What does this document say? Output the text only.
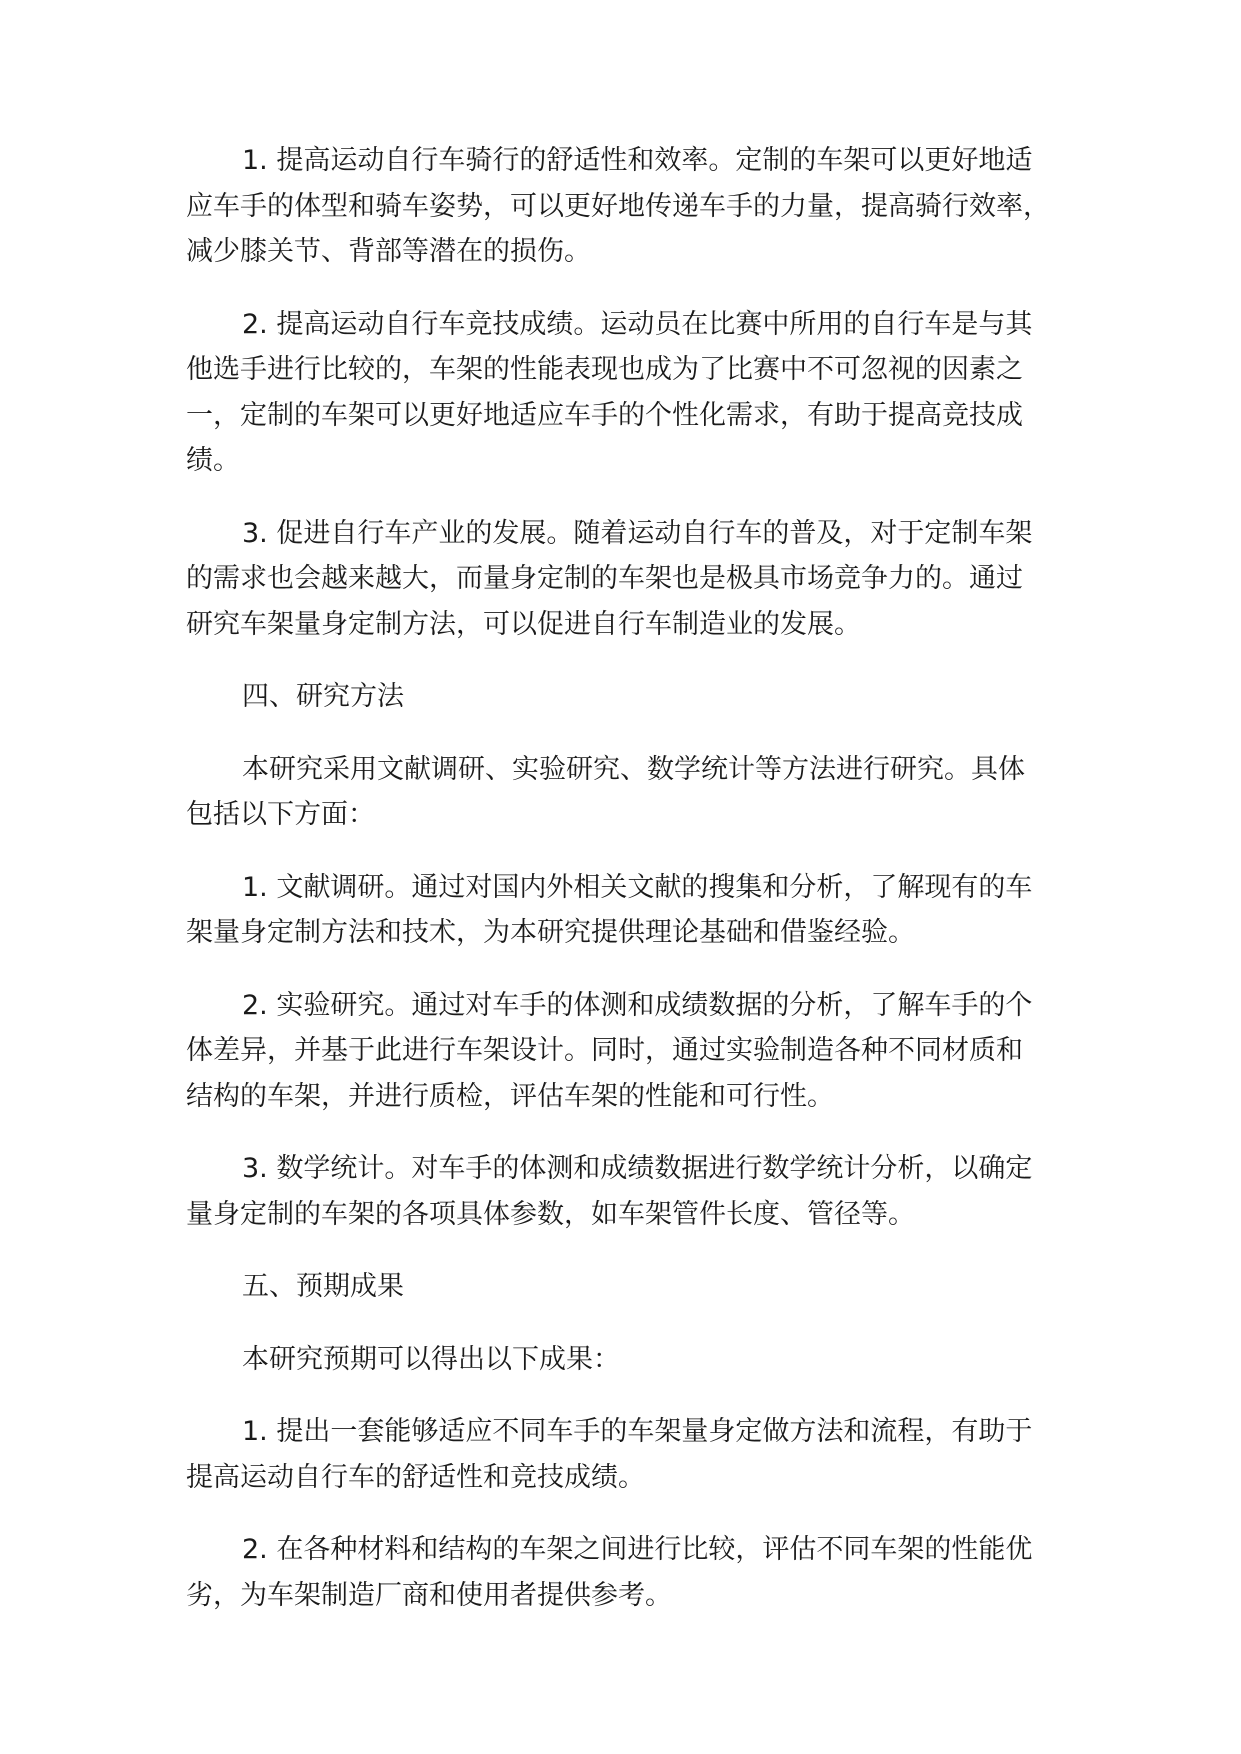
1. 提高运动自行车骑行的舒适性和效率。定制的车架可以更好地适
应车手的体型和骑车姿势，可以更好地传递车手的力量，提高骑行效率，
减少膝关节、背部等潜在的损伤。
2. 提高运动自行车竞技成绩。运动员在比赛中所用的自行车是与其
他选手进行比较的，车架的性能表现也成为了比赛中不可忽视的因素之
一，定制的车架可以更好地适应车手的个性化需求，有助于提高竞技成
绩。
3. 促进自行车产业的发展。随着运动自行车的普及，对于定制车架
的需求也会越来越大，而量身定制的车架也是极具市场竞争力的。通过
研究车架量身定制方法，可以促进自行车制造业的发展。
四、研究方法
本研究采用文献调研、实验研究、数学统计等方法进行研究。具体
包括以下方面：
1. 文献调研。通过对国内外相关文献的搜集和分析，了解现有的车
架量身定制方法和技术，为本研究提供理论基础和借鉴经验。
2. 实验研究。通过对车手的体测和成绩数据的分析，了解车手的个
体差异，并基于此进行车架设计。同时，通过实验制造各种不同材质和
结构的车架，并进行质检，评估车架的性能和可行性。
3. 数学统计。对车手的体测和成绩数据进行数学统计分析，以确定
量身定制的车架的各项具体参数，如车架管件长度、管径等。
五、预期成果
本研究预期可以得出以下成果：
1. 提出一套能够适应不同车手的车架量身定做方法和流程，有助于
提高运动自行车的舒适性和竞技成绩。
2. 在各种材料和结构的车架之间进行比较，评估不同车架的性能优
劣，为车架制造厂商和使用者提供参考。
